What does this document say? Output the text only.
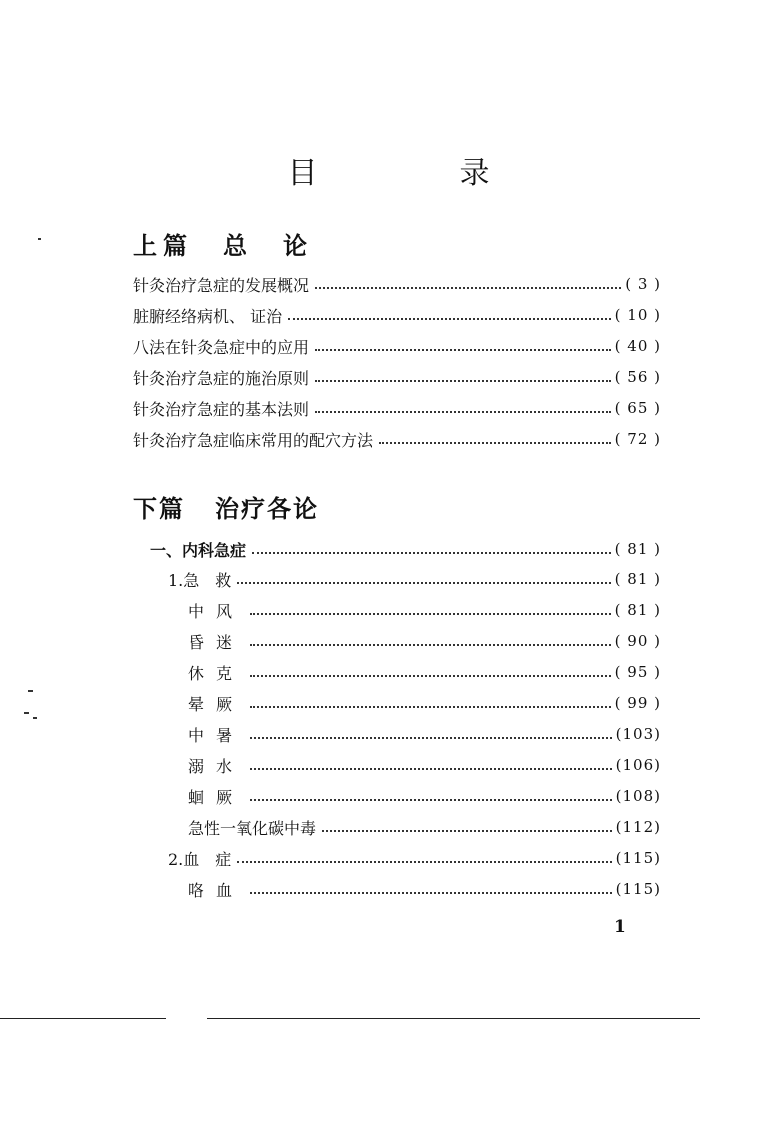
目　录
上篇 总　论
针灸治疗急症的发展概况	( 3 )
脏腑经络病机、 证治	( 10 )
八法在针灸急症中的应用	( 40 )
针灸治疗急症的施治原则	( 56 )
针灸治疗急症的基本法则	( 65 )
针灸治疗急症临床常用的配穴方法	( 72 )
下篇 治疗各论
一、内科急症	( 81 )
1.急　救	( 81 )
中风	( 81 )
昏迷	( 90 )
休克	( 95 )
晕厥	( 99 )
中暑	(103)
溺水	(106)
蛔厥	(108)
急性一氧化碳中毒	(112)
2.血　症	(115)
咯血	(115)
1
